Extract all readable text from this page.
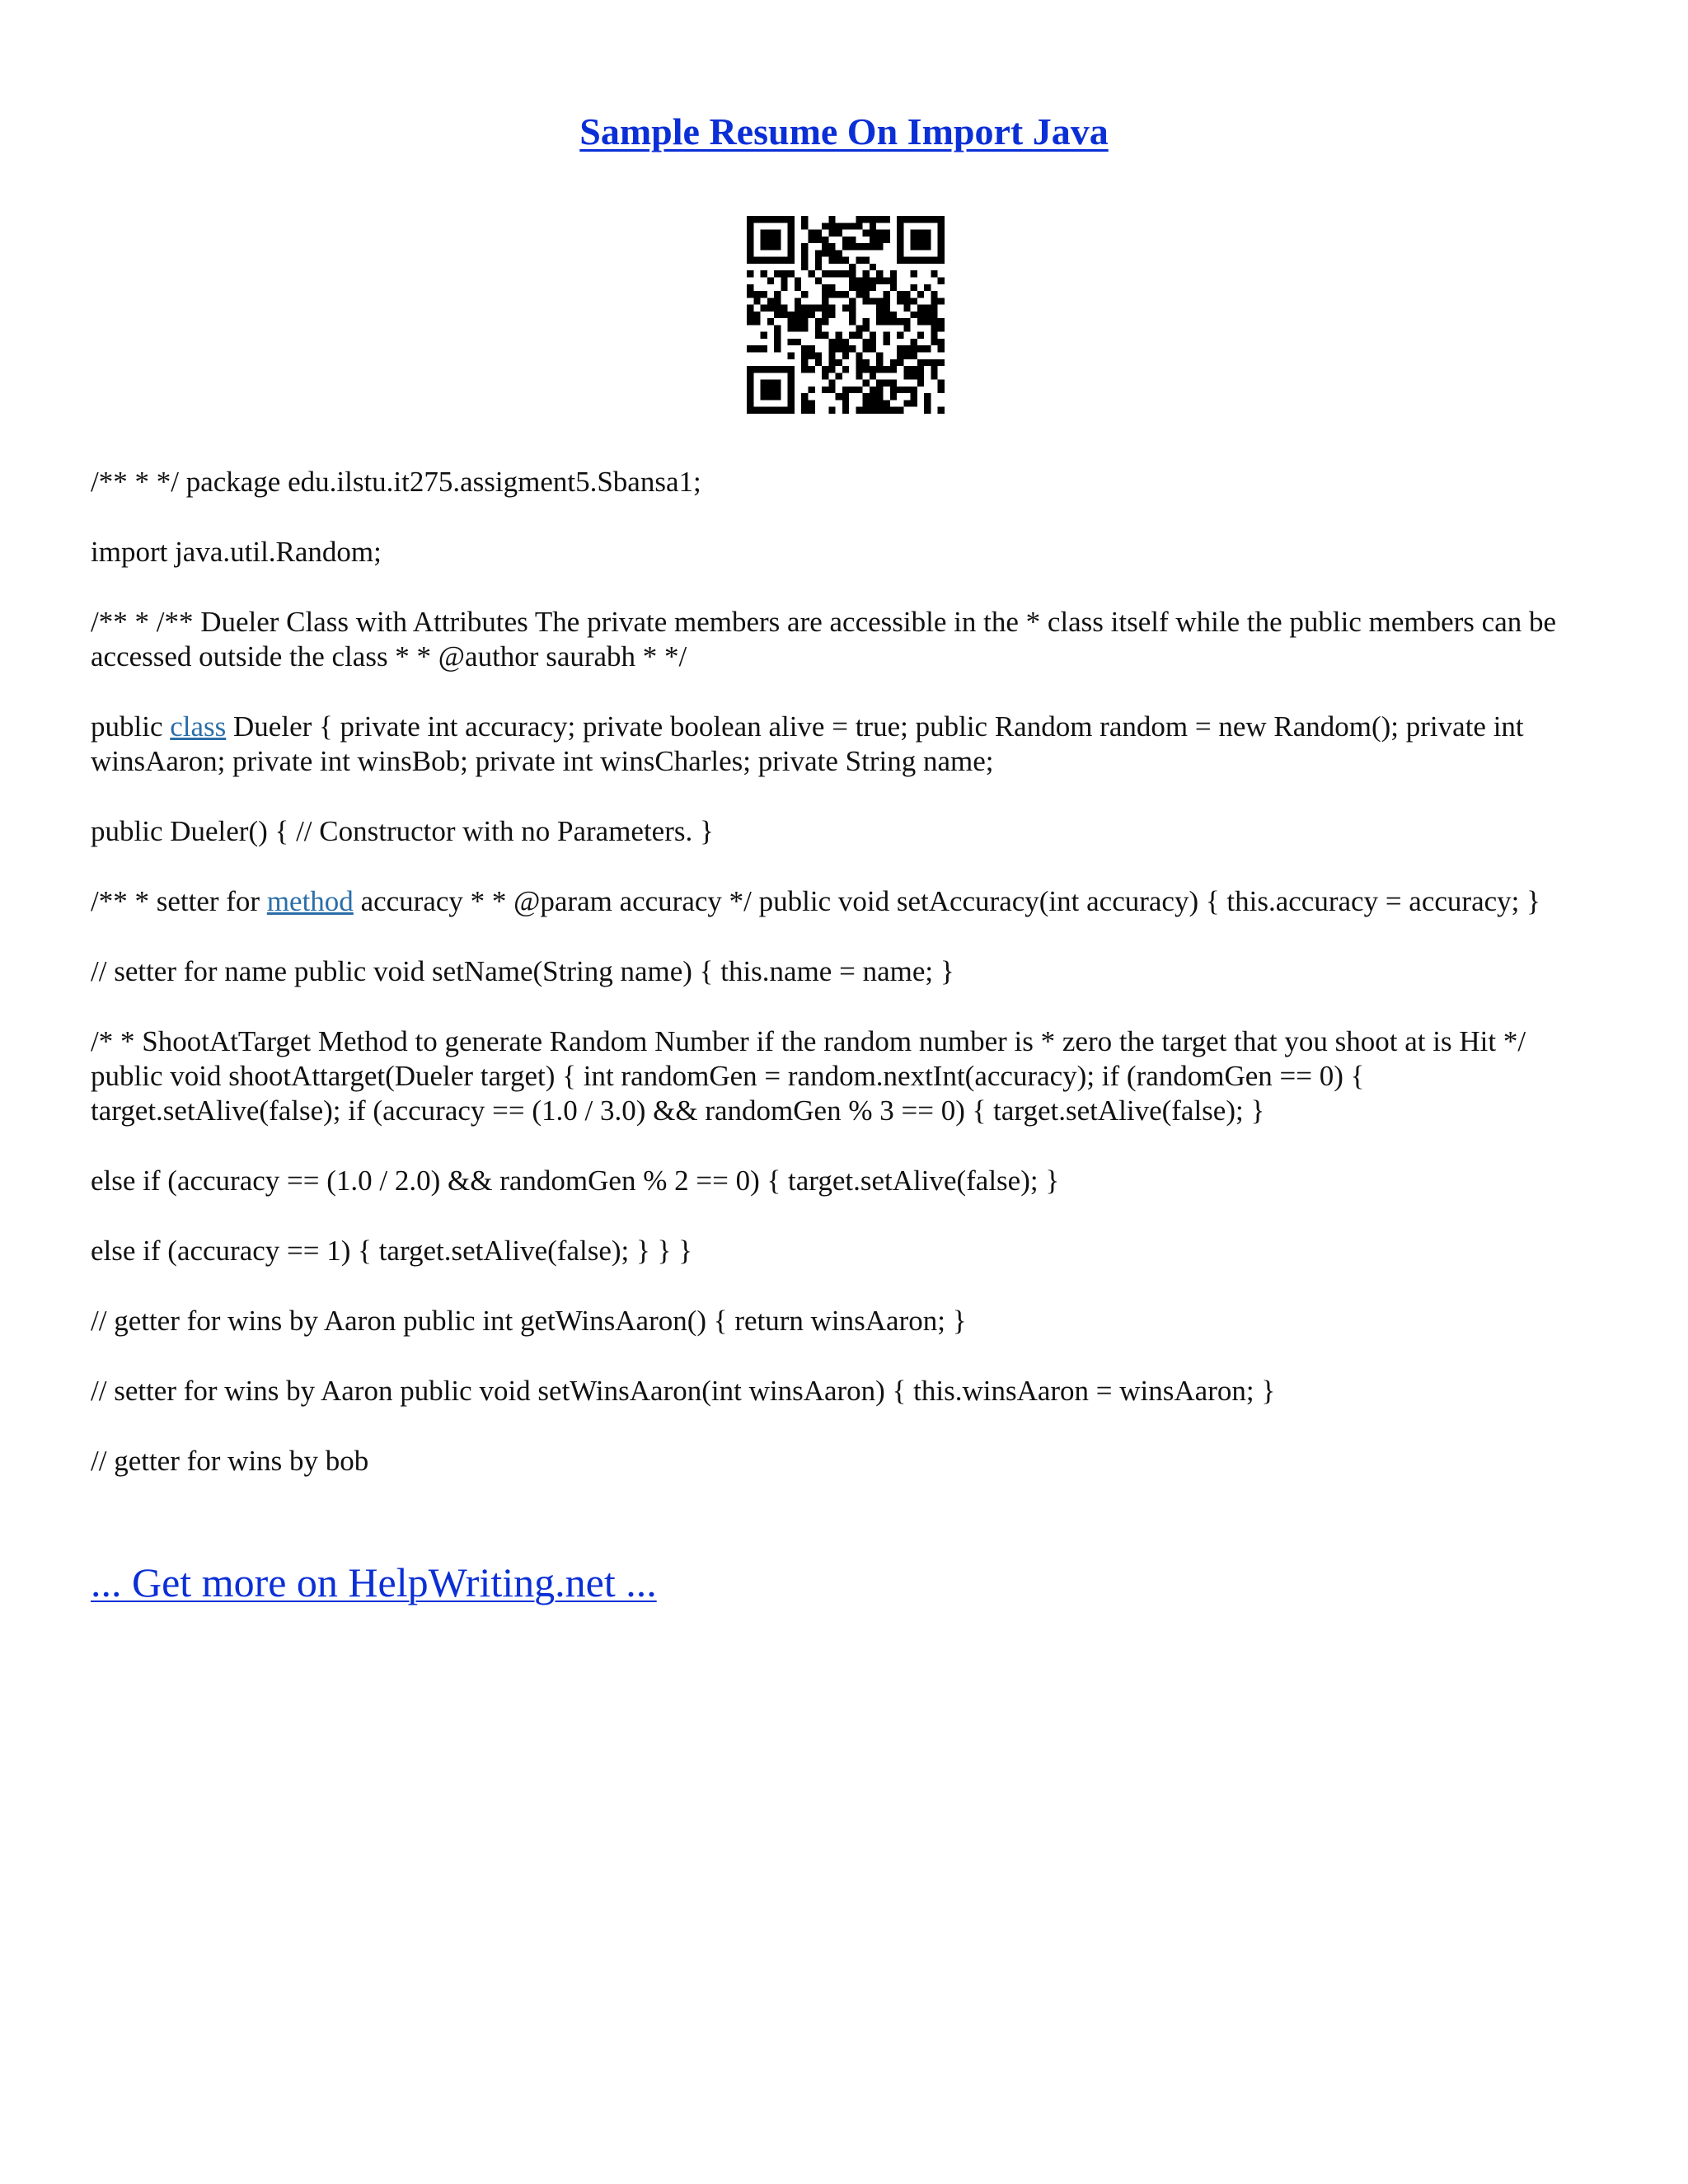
Sample Resume On Import Java

/** * */ package edu.ilstu.it275.assigment5.Sbansa1;

import java.util.Random;

/** * /** Dueler Class with Attributes The private members are accessible in the * class itself while the public members can be accessed outside the class * * @author saurabh * */

public class Dueler { private int accuracy; private boolean alive = true; public Random random = new Random(); private int winsAaron; private int winsBob; private int winsCharles; private String name;

public Dueler() { // Constructor with no Parameters. }

/** * setter for method accuracy * * @param accuracy */ public void setAccuracy(int accuracy) { this.accuracy = accuracy; }

// setter for name public void setName(String name) { this.name = name; }

/* * ShootAtTarget Method to generate Random Number if the random number is * zero the target that you shoot at is Hit */ public void shootAttarget(Dueler target) { int randomGen = random.nextInt(accuracy); if (randomGen == 0) { target.setAlive(false); if (accuracy == (1.0 / 3.0) && randomGen % 3 == 0) { target.setAlive(false); }

else if (accuracy == (1.0 / 2.0) && randomGen % 2 == 0) { target.setAlive(false); }

else if (accuracy == 1) { target.setAlive(false); } } }

// getter for wins by Aaron public int getWinsAaron() { return winsAaron; }

// setter for wins by Aaron public void setWinsAaron(int winsAaron) { this.winsAaron = winsAaron; }

// getter for wins by bob

... Get more on HelpWriting.net ...
